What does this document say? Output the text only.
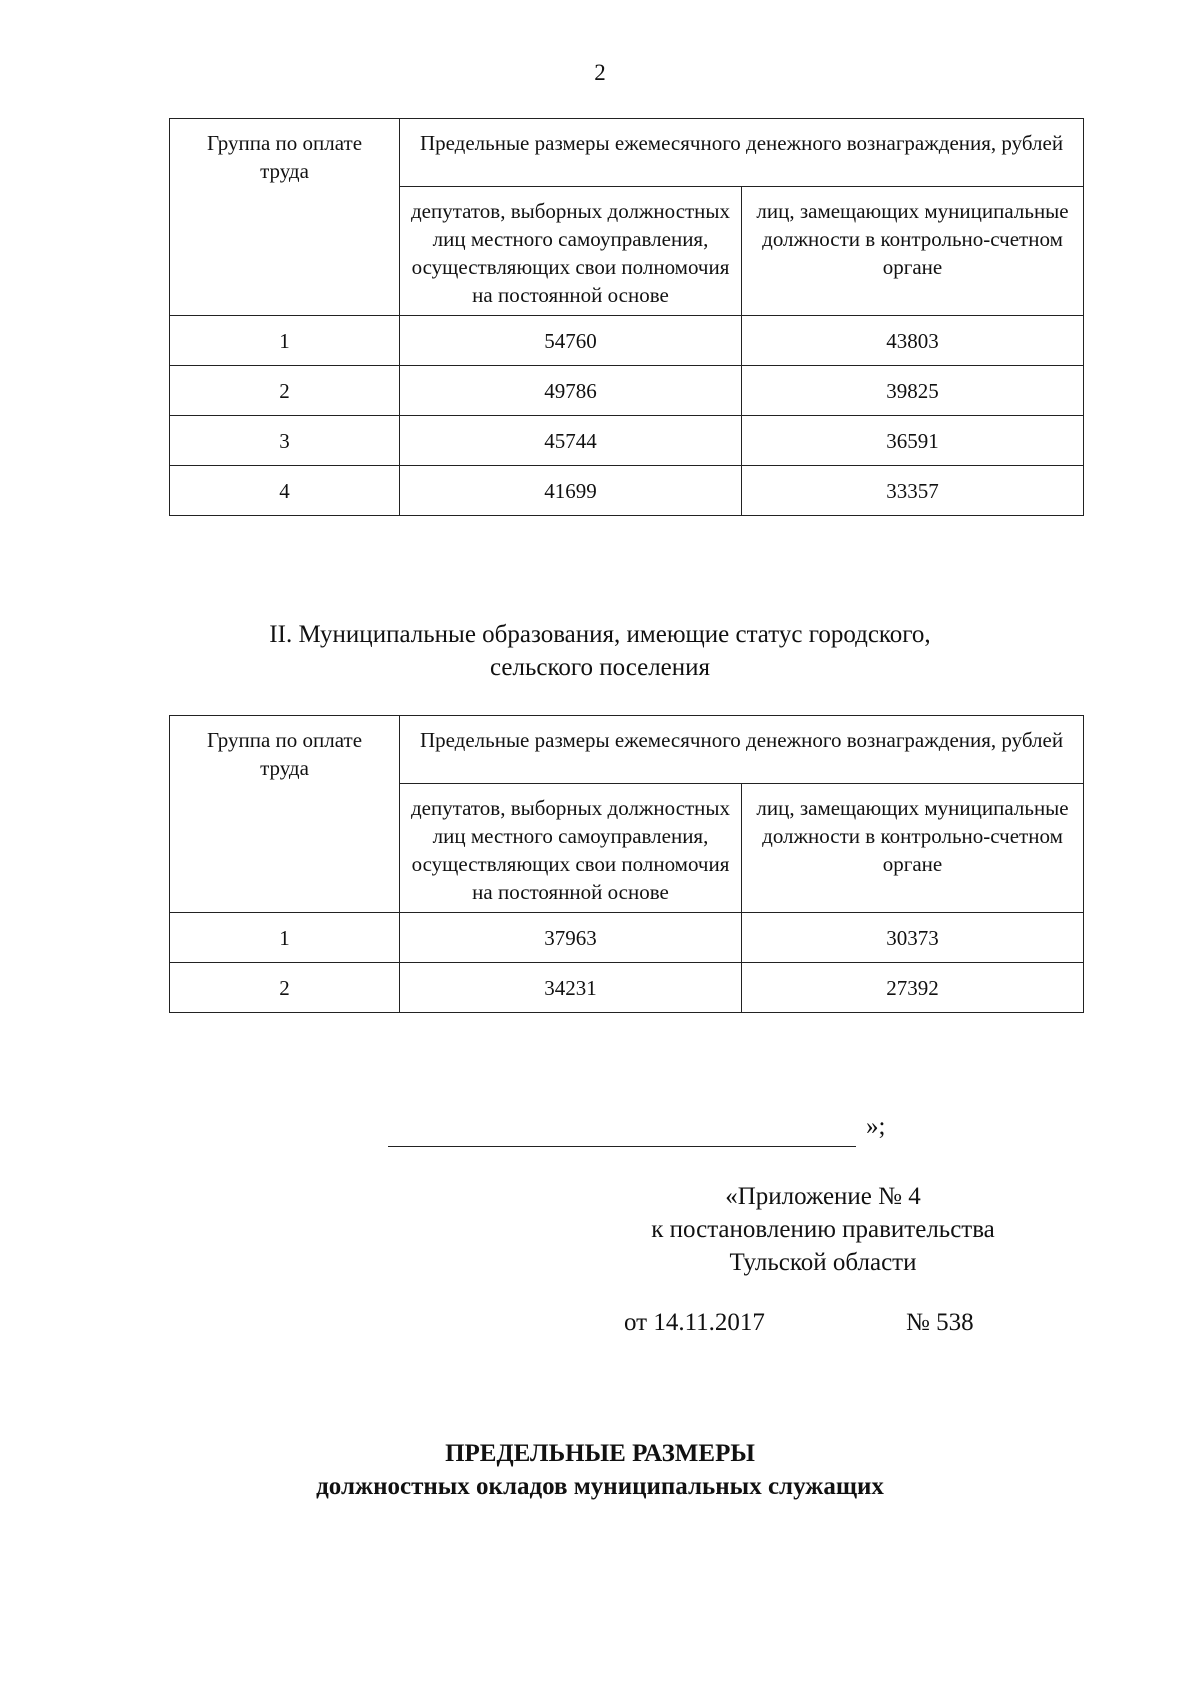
2
Группа по оплате труда	Предельные размеры ежемесячного денежного вознаграждения, рублей	
	депутатов, выборных должностных лиц местного самоуправления, осуществляющих свои полномочия на постоянной основе	лиц, замещающих муниципальные должности в контрольно-счетном органе
1	54760	43803
2	49786	39825
3	45744	36591
4	41699	33357
II. Муниципальные образования, имеющие статус городского,
сельского поселения
Группа по оплате труда	Предельные размеры ежемесячного денежного вознаграждения, рублей	
	депутатов, выборных должностных лиц местного самоуправления, осуществляющих свои полномочия на постоянной основе	лиц, замещающих муниципальные должности в контрольно-счетном органе
1	37963	30373
2	34231	27392
»;
«Приложение № 4
к постановлению правительства
Тульской области
от 14.11.2017	№ 538
ПРЕДЕЛЬНЫЕ РАЗМЕРЫ
должностных окладов муниципальных служащих
